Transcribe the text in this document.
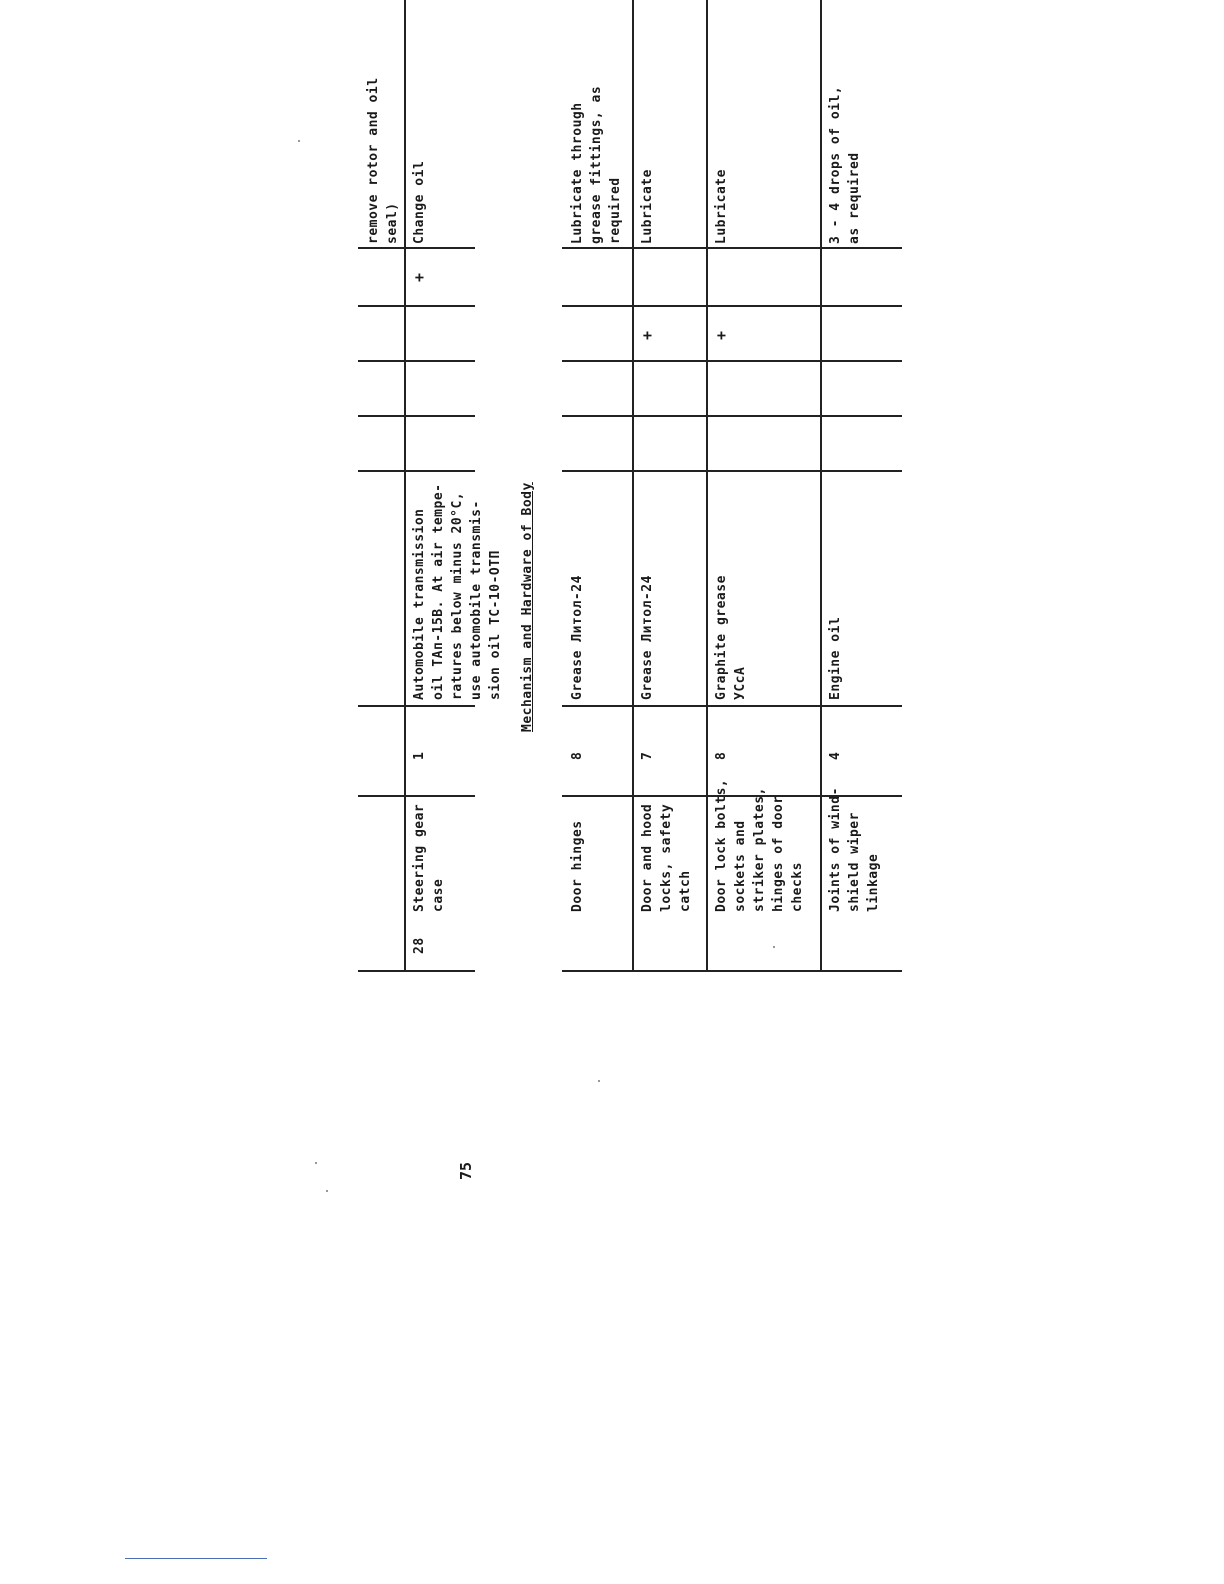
remove rotor and oil
seal)
28
Steering gear
case
1
Automobile transmission
oil ТАп-15В. At air tempe-
ratures below minus 20°C,
use automobile transmis-
sion oil ТС-10-ОТП
+
Change oil
Mechanism and Hardware of Body
Door hinges
8
Grease Литол-24
Lubricate through
grease fittings, as
required
Door and hood
locks, safety
catch
7
Grease Литол-24
+
Lubricate
Door lock bolts,
sockets and
striker plates,
hinges of door
checks
8
Graphite grease
УСсА
+
Lubricate
Joints of wind-
shield wiper
linkage
4
Engine oil
3 - 4 drops of oil,
as required
75
